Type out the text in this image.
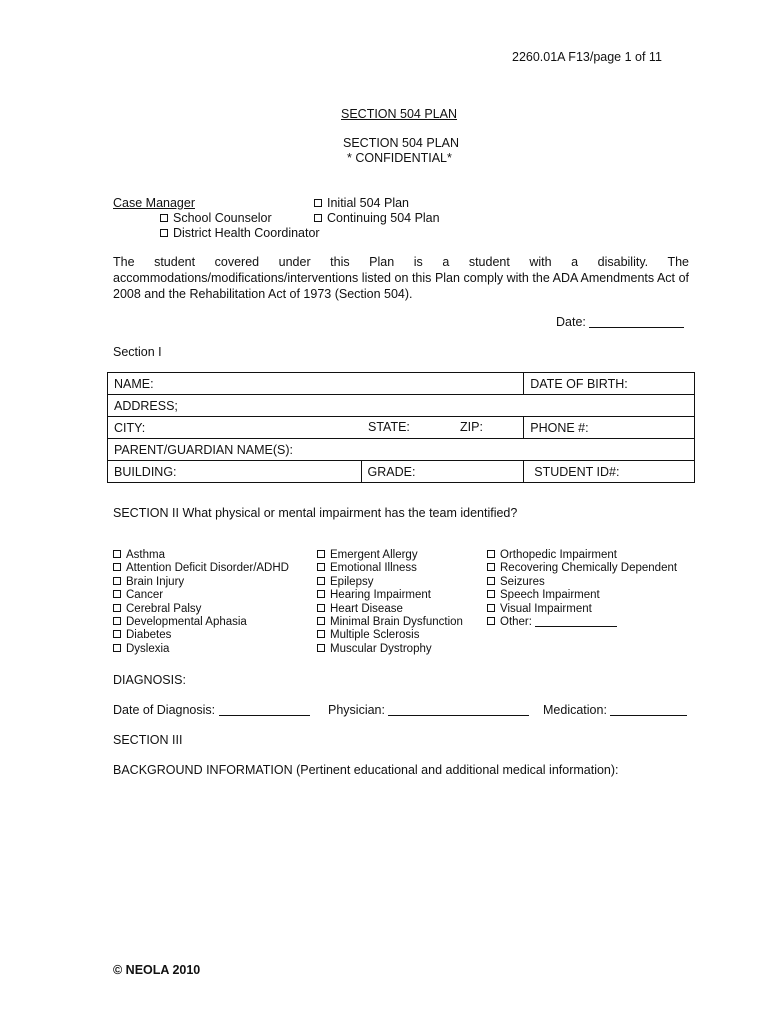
2260.01A F13/page 1 of 11
SECTION 504 PLAN
SECTION 504 PLAN
* CONFIDENTIAL*
Case Manager
School Counselor
District Health Coordinator
Initial 504 Plan
Continuing 504 Plan
The student covered under this Plan is a student with a disability. The
accommodations/modifications/interventions listed on this Plan comply with the ADA Amendments Act of 2008 and the Rehabilitation Act of 1973 (Section 504).
Date:
Section I
NAME:		DATE OF BIRTH:
ADDRESS;		
CITY: STATE: ZIP:		PHONE #:
PARENT/GUARDIAN NAME(S):		
BUILDING:	GRADE:	STUDENT ID#:
SECTION II What physical or mental impairment has the team identified?
Asthma
Attention Deficit Disorder/ADHD
Brain Injury
Cancer
Cerebral Palsy
Developmental Aphasia
Diabetes
Dyslexia
Emergent Allergy
Emotional Illness
Epilepsy
Hearing Impairment
Heart Disease
Minimal Brain Dysfunction
Multiple Sclerosis
Muscular Dystrophy
Orthopedic Impairment
Recovering Chemically Dependent
Seizures
Speech Impairment
Visual Impairment
Other:
DIAGNOSIS:
Date of Diagnosis:	Physician:	Medication:
SECTION III
BACKGROUND INFORMATION (Pertinent educational and additional medical information):
© NEOLA 2010
